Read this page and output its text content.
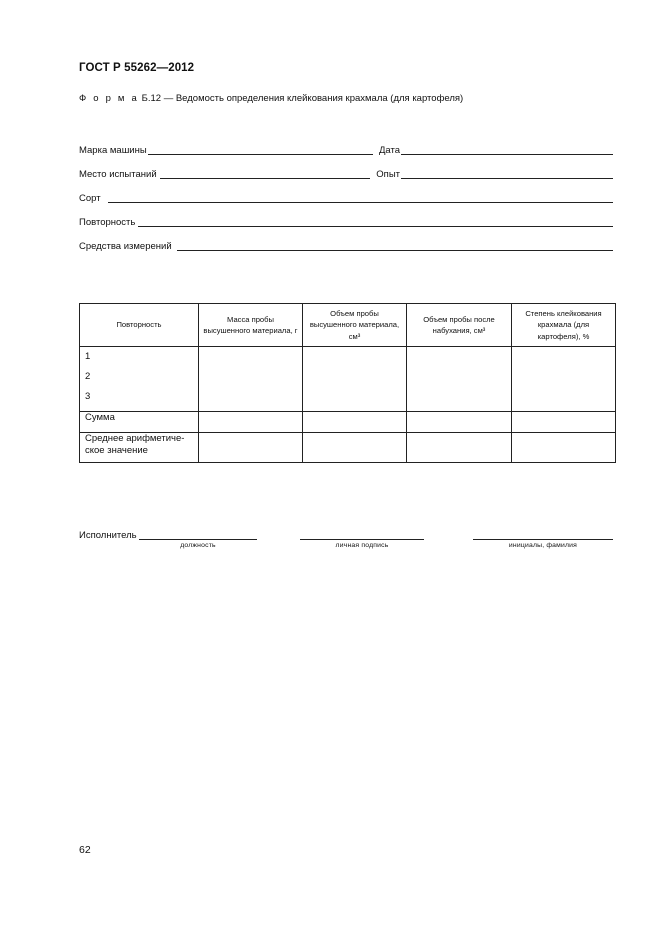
ГОСТ Р 55262—2012
Ф о р м а Б.12 — Ведомость определения клейкования крахмала (для картофеля)
Марка машины	Дата
Место испытаний	Опыт
Сорт
Повторность
Средства измерений
Повторность	Масса пробы высушенного материала, г	Объем пробы высушенного материала, см³	Объем пробы после набухания, см³	Степень клейкования крахмала (для картофеля), %

1
2
3				

Сумма				
Среднее арифметиче-ское значение				
Исполнитель
должность	личная подпись	инициалы, фамилия
62
